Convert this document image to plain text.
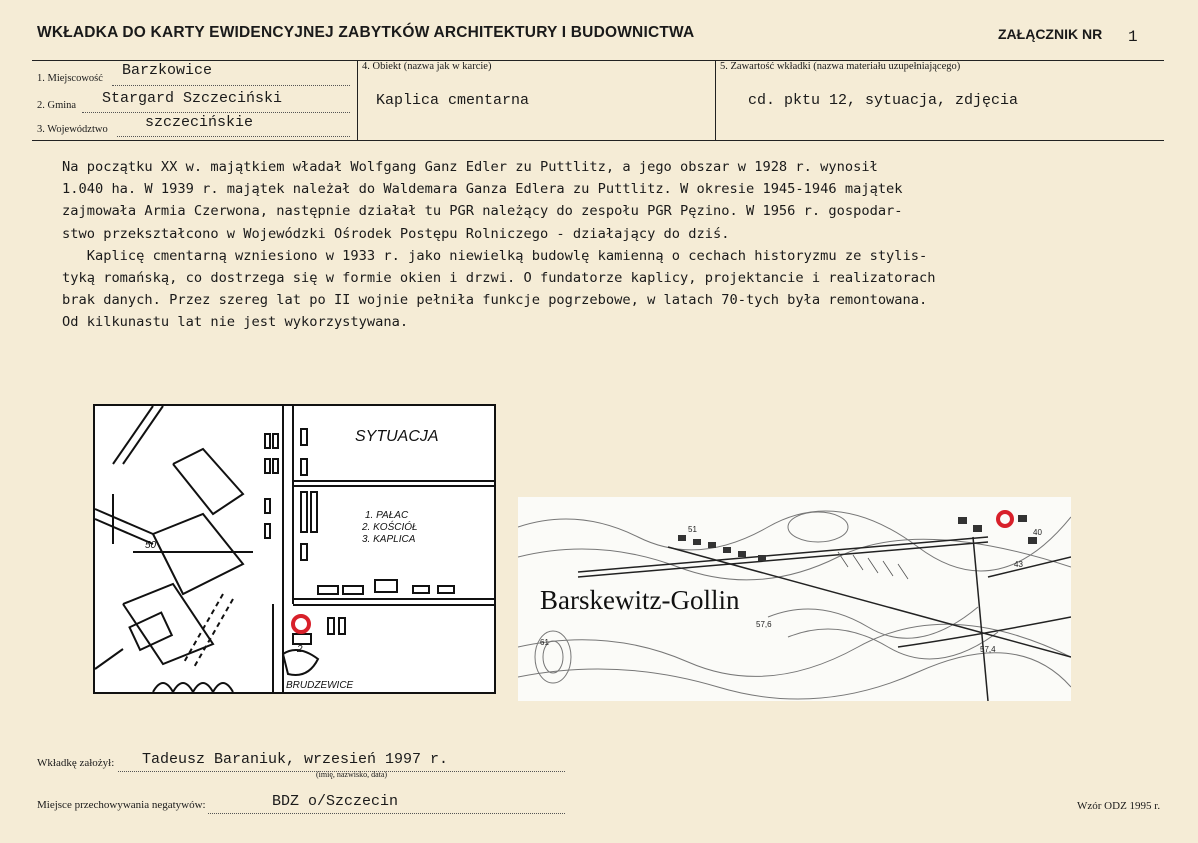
WKŁADKA DO KARTY EWIDENCYJNEJ ZABYTKÓW ARCHITEKTURY I BUDOWNICTWA	ZAŁĄCZNIK NR 1
1. Miejscowość Barzkowice
2. Gmina Stargard Szczeciński
3. Województwo szczecińskie
4. Obiekt (nazwa jak w karcie)
Kaplica cmentarna
5. Zawartość wkładki (nazwa materiału uzupełniającego)
cd. pktu 12, sytuacja, zdjęcia

Na początku XX w. majątkiem władał Wolfgang Ganz Edler zu Puttlitz, a jego obszar w 1928 r. wynosił

1.040 ha. W 1939 r. majątek należał do Waldemara Ganza Edlera zu Puttlitz. W okresie 1945-1946 majątek

zajmowała Armia Czerwona, następnie działał tu PGR należący do zespołu PGR Pęzino. W 1956 r. gospodar-

stwo przekształcono w Wojewódzki Ośrodek Postępu Rolniczego - działający do dziś.

Kaplicę cmentarną wzniesiono w 1933 r. jako niewielką budowlę kamienną o cechach historyzmu ze stylis-

tyką romańską, co dostrzega się w formie okien i drzwi. O fundatorze kaplicy, projektancie i realizatorach

brak danych. Przez szereg lat po II wojnie pełniła funkcje pogrzebowe, w latach 70-tych była remontowana.

Od kilkunastu lat nie jest wykorzystywana.

SYTUACJA
1. PAŁAC
2. KOŚCIÓŁ
3. KAPLICA
50
BRUDZEWICE
2
Barskewitz-Gollin
51
61
57,6
57,4
40
43
Wkładkę założył: Tadeusz Baraniuk, wrzesień 1997 r.
(imię, nazwisko, data)
Miejsce przechowywania negatywów:	BDZ o/Szczecin	Wzór ODZ 1995 r.
